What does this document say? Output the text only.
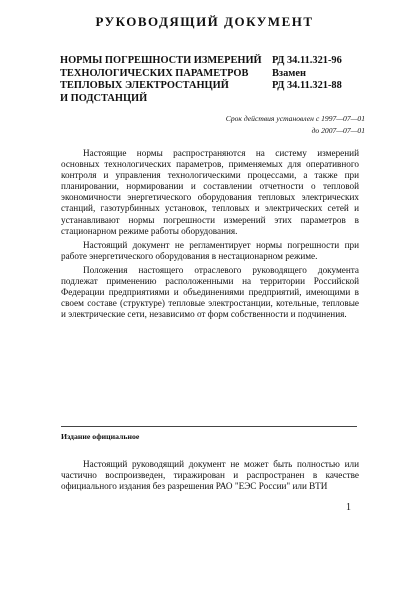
РУКОВОДЯЩИЙ ДОКУМЕНТ
НОРМЫ ПОГРЕШНОСТИ ИЗМЕРЕНИЙ
ТЕХНОЛОГИЧЕСКИХ ПАРАМЕТРОВ
ТЕПЛОВЫХ ЭЛЕКТРОСТАНЦИЙ
И ПОДСТАНЦИЙ
РД 34.11.321-96
Взамен
РД 34.11.321-88
Срок действия установлен с 1997—07—01
до 2007—07—01

Настоящие нормы распространяются на систему измерений основных технологических параметров, применяемых для оперативного контроля и управления технологическими процессами, а также при планировании, нормировании и составлении отчетности о тепловой экономичности энергетического оборудования тепловых электрических станций, газотурбинных установок, тепловых и электрических сетей и устанавливают нормы погрешности измерений этих параметров в стационарном режиме работы оборудования.

Настоящий документ не регламентирует нормы погрешности при работе энергетического оборудования в нестационарном режиме.

Положения настоящего отраслевого руководящего документа подлежат применению расположенными на территории Российской Федерации предприятиями и объединениями предприятий, имеющими в своем составе (структуре) тепловые электростанции, котельные, тепловые и электрические сети, независимо от форм собственности и подчинения.

Издание официальное

Настоящий руководящий документ не может быть полностью или частично воспроизведен, тиражирован и распространен в качестве официального издания без разрешения РАО "ЕЭС России" или ВТИ

1
